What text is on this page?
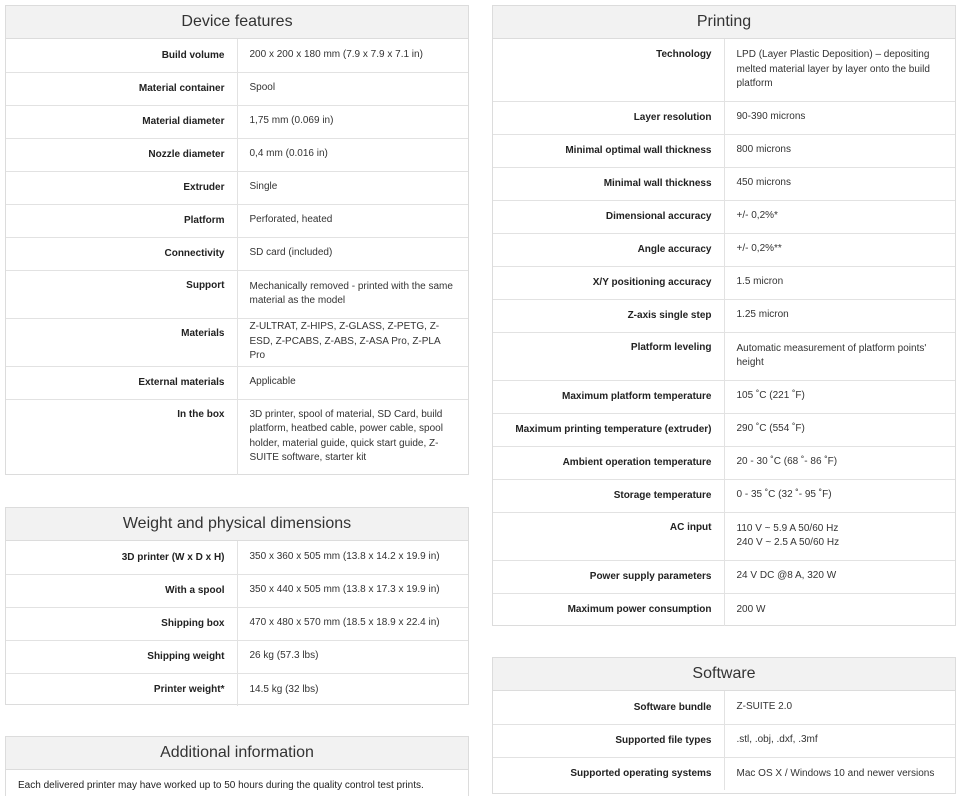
Device features
Build volume	200 x 200 x 180 mm (7.9 x 7.9 x 7.1 in)
Material container	Spool
Material diameter	1,75 mm (0.069 in)
Nozzle diameter	0,4 mm (0.016 in)
Extruder	Single
Platform	Perforated, heated
Connectivity	SD card (included)
Support	Mechanically removed - printed with the same material as the model
Materials	Z-ULTRAT, Z-HIPS, Z-GLASS, Z-PETG, Z-ESD, Z-PCABS, Z-ABS, Z-ASA Pro, Z-PLA Pro
External materials	Applicable
In the box	3D printer, spool of material, SD Card, build platform, heatbed cable, power cable, spool holder, material guide, quick start guide, Z-SUITE software, starter kit
Weight and physical dimensions
3D printer (W x D x H)	350 x 360 x 505 mm (13.8 x 14.2 x 19.9 in)
With a spool	350 x 440 x 505 mm (13.8 x 17.3 x 19.9 in)
Shipping box	470 x 480 x 570 mm (18.5 x 18.9 x 22.4 in)
Shipping weight	26 kg (57.3 lbs)
Printer weight*	14.5 kg (32 lbs)
Additional information
Each delivered printer may have worked up to 50 hours during the quality control test prints.
Printing
Technology	LPD (Layer Plastic Deposition) – depositing melted material layer by layer onto the build platform
Layer resolution	90-390 microns
Minimal optimal wall thickness	800 microns
Minimal wall thickness	450 microns
Dimensional accuracy	+/- 0,2%*
Angle accuracy	+/- 0,2%**
X/Y positioning accuracy	1.5 micron
Z-axis single step	1.25 micron
Platform leveling	Automatic measurement of platform points' height
Maximum platform temperature	105 ˚C (221 ˚F)
Maximum printing temperature (extruder)	290 ˚C (554 ˚F)
Ambient operation temperature	20 - 30 ˚C (68 ˚- 86 ˚F)
Storage temperature	0 - 35 ˚C (32 ˚- 95 ˚F)
AC input	110 V ~ 5.9 A 50/60 Hz
240 V ~ 2.5 A 50/60 Hz

Power supply parameters	24 V DC @8 A, 320 W
Maximum power consumption	200 W
Software
Software bundle	Z-SUITE 2.0
Supported file types	.stl, .obj, .dxf, .3mf
Supported operating systems	Mac OS X / Windows 10 and newer versions
